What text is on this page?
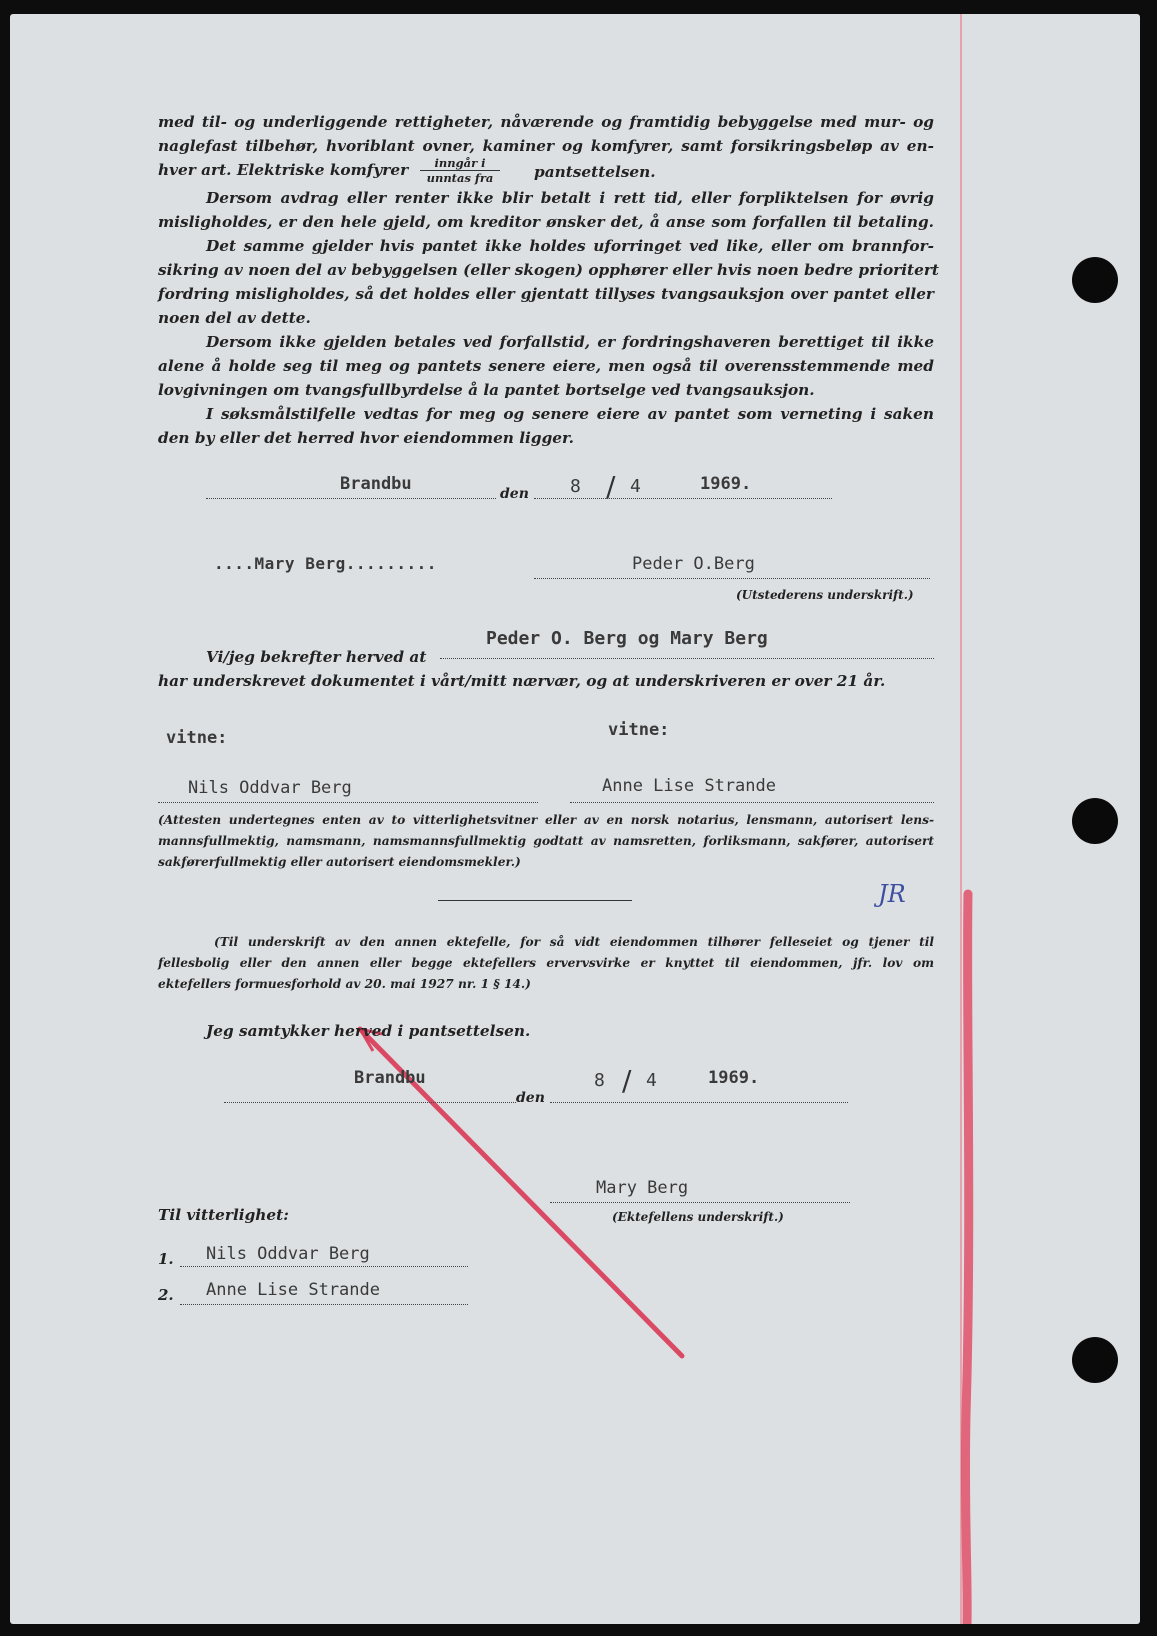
med til- og underliggende rettigheter, nåværende og framtidig bebyggelse med mur- og
naglefast tilbehør, hvoriblant ovner, kaminer og komfyrer, samt forsikringsbeløp av en-
hver art. Elektriske komfyrer	inngår i
unntas fra	pantsettelsen.
Dersom avdrag eller renter ikke blir betalt i rett tid, eller forpliktelsen for øvrig
misligholdes, er den hele gjeld, om kreditor ønsker det, å anse som forfallen til betaling.
Det samme gjelder hvis pantet ikke holdes uforringet ved like, eller om brannfor-
sikring av noen del av bebyggelsen (eller skogen) opphører eller hvis noen bedre prioritert
fordring misligholdes, så det holdes eller gjentatt tillyses tvangsauksjon over pantet eller
noen del av dette.
Dersom ikke gjelden betales ved forfallstid, er fordringshaveren berettiget til ikke
alene å holde seg til meg og pantets senere eiere, men også til overensstemmende med
lovgivningen om tvangsfullbyrdelse å la pantet bortselge ved tvangsauksjon.
I søksmålstilfelle vedtas for meg og senere eiere av pantet som verneting i saken
den by eller det herred hvor eiendommen ligger.
Brandbu	den 8 / 4	1969.
....Mary Berg.........	Peder O.Berg
(Utstederens underskrift.)
Vi/jeg bekrefter herved at
Peder O. Berg og Mary Berg
har underskrevet dokumentet i vårt/mitt nærvær, og at underskriveren er over 21 år.
vitne:	vitne:
Nils Oddvar Berg	Anne Lise Strande
(Attesten undertegnes enten av to vitterlighetsvitner eller av en norsk notarius, lensmann, autorisert lens-
mannsfullmektig, namsmann, namsmannsfullmektig godtatt av namsretten, forliksmann, sakfører, autorisert
sakførerfullmektig eller autorisert eiendomsmekler.)
JR
(Til underskrift av den annen ektefelle, for så vidt eiendommen tilhører felleseiet og tjener til
fellesbolig eller den annen eller begge ektefellers ervervsvirke er knyttet til eiendommen, jfr. lov om
ektefellers formuesforhold av 20. mai 1927 nr. 1 § 14.)
Jeg samtykker herved i pantsettelsen.
Brandbu
den
8 / 4	1969.
Mary Berg
(Ektefellens underskrift.)
Til vitterlighet:
1. Nils Oddvar Berg
2. Anne Lise Strande
